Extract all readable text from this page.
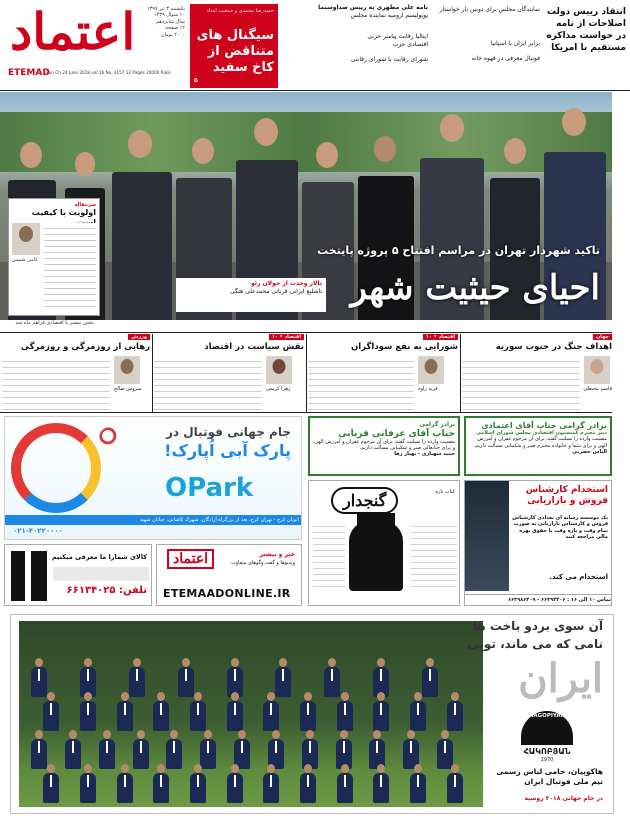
اعتماد
ETEMAD
Sun Ch 24 June 2018 vol.16 No. 4157 12 Pages 20000 Rials
یکشنبه ۳ تیر ۱۳۹۷
۱۰ شوال ۱۴۳۹
سال شانزدهم
۱۲ صفحه
۲۰۰۰ تومان
حمیدرضا محمدی و جمعیت امداد
سیگنال های متناقض از کاخ سفید
۵
نامه علی مطهری به رییس صداوسیما
پوپولیسم ارومیه نماینده مجلس
ایتالیا رقابت پیامبر حزبی
اقتصادی حزب
شورای رقابت با شورای رقابتی
انتقاد رییس دولت اصلاحات از نامه در خواست مذاکره مستقیم با امریکا
نمایندگان مجلس برای دوبین بار خواستار
برابر ایران با اسپانیا
فوتبال معرفی در قهوه خانه
تاکید شهردار تهران در مراسم افتتاح ۵ پروژه پایتخت
احیای حیثیت شهر
تالار وحدت از جولان رئو
تاشلیع ایرانی قربانی محمدعلی هنگی
سرمقاله
اولویت با کیفیت
کامی شمس
بخش بیشتر با اقتصادی فراهم ماه شد
جهان
اهداف جنگ در جنوب سوریه
قاسم محبعلی
اقتصاد • ۱۰
شورایی به نفع سوداگران
فرید راوه
اقتصاد • ۱۰
نقش سیاست در اقتصاد
زهرا کریمی
ورزش
رهایی از روزمرگی و روزمرگی
سروش صالح
جام جهانی فوتبال در
پارک آبی اُپارک!
OPark
اتوبان کرج - تهران کرج، بعد از بزرگراه آزادگان، شهرک کاشانی، خیابان شهید
۰۲۱-۴۰۲۲۰۰۰۰
برادر گرامی
جناب آقای عرفانی قربانی
مصیبت وارده را تسلیت گفته، برای آن مرحوم غفران و آمرزش الهی و برای جنابعالی صبر و شکیبایی مسألت داریم.
حمید شهبازی - بهیار رها
برادر گرامی جناب آقای اعتمادی
دبیر محترم کمیسیون اقتصادی مجلس شورای اسلامی
مصیبت وارده را تسلیت گفته، برای آن مرحوم غفران و آمرزش الهی و برای شما و خانواده محترم صبر و شکیبایی مسألت داریم.
الیاس حضرتی
گنجدار	کتاب تازه	استخدام کارشناس فروش و بازاریابی
یک موسسه رسانه ای تعدادی کارشناس فروش و کارشناس بازاریابی به صورت تمام وقت و پاره وقت با حقوق بهره مالی مراجعه کنید
استخدام می کند.
تماس ۱۰ الی ۱۶ : ۶۶۳۹۴۴۰۶ - ۶۶۳۹۸۶۴۰۹
کالای شمارا ما معرفی میکنیم
تلفن: ۶۶۱۳۴۰۲۵
اعتماد	خبر و بیشتر
ویدیوها و گفت وگوهای متفاوت
ETEMAADONLINE.IR
آن سوی بردو باخت ها
نامی که می ماند، تویی
ایران
HAGOPIYAN
ՀԱԿՈԲՅԱՆ
1970
هاکوپیان، حامی لباس رسمی تیم ملی فوتبال ایران
در جام جهانی ۲۰۱۸ روسیه
